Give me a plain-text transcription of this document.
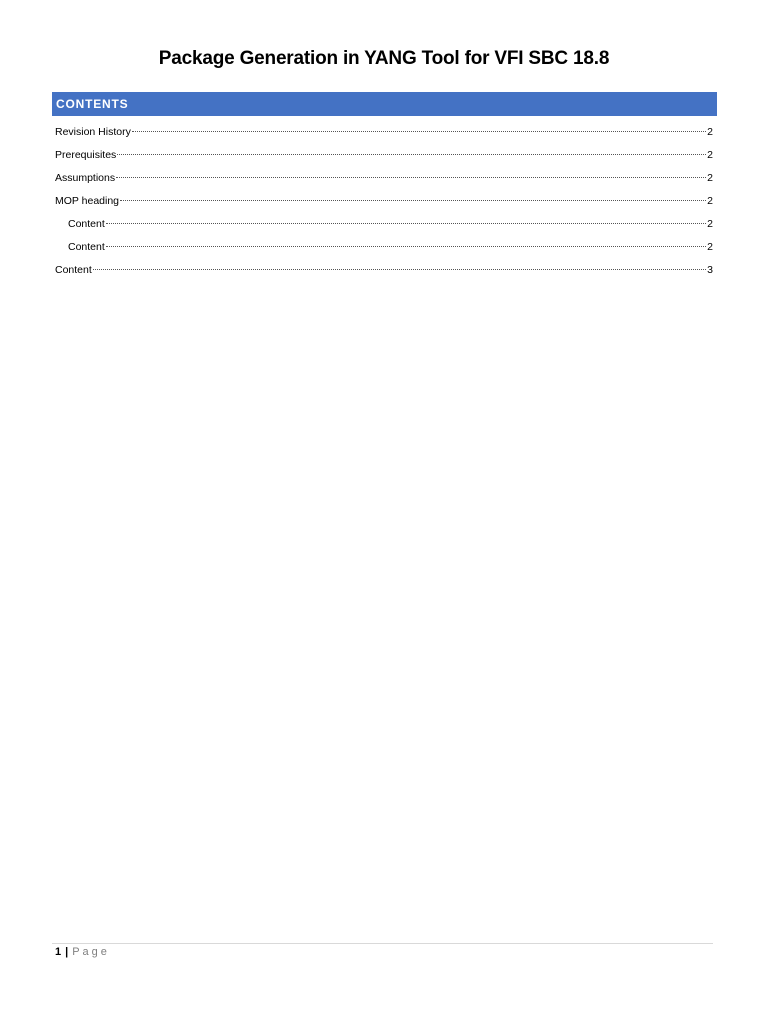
Package Generation in YANG Tool for VFI SBC 18.8
CONTENTS
Revision History	2
Prerequisites	2
Assumptions	2
MOP heading	2
Content	2
Content	2
Content	3
1 | Page
